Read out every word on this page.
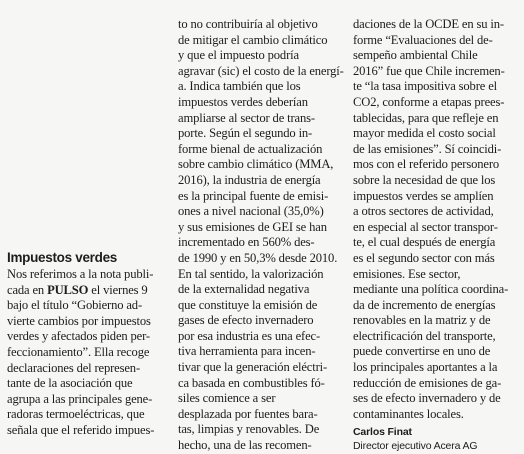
Impuestos verdes
Nos referimos a la nota publi-
cada en PULSO el viernes 9
bajo el título “Gobierno ad-
vierte cambios por impuestos
verdes y afectados piden per-
feccionamiento”. Ella recoge
declaraciones del represen-
tante de la asociación que
agrupa a las principales gene-
radoras termoeléctricas, que
señala que el referido impues-
to no contribuiría al objetivo
de mitigar el cambio climático
y que el impuesto podría
agravar (sic) el costo de la energí-
a. Indica también que los
impuestos verdes deberían
ampliarse al sector de trans-
porte. Según el segundo in-
forme bienal de actualización
sobre cambio climático (MMA,
2016), la industria de energía
es la principal fuente de emisi-
ones a nivel nacional (35,0%)
y sus emisiones de GEI se han
incrementado en 560% des-
de 1990 y en 50,3% desde 2010.
En tal sentido, la valorización
de la externalidad negativa
que constituye la emisión de
gases de efecto invernadero
por esa industria es una efec-
tiva herramienta para incen-
tivar que la generación eléctri-
ca basada en combustibles fó-
siles comience a ser
desplazada por fuentes bara-
tas, limpias y renovables. De
hecho, una de las recomen-
daciones de la OCDE en su in-
forme “Evaluaciones del de-
sempeño ambiental Chile
2016” fue que Chile incremen-
te “la tasa impositiva sobre el
CO2, conforme a etapas prees-
tablecidas, para que refleje en
mayor medida el costo social
de las emisiones”. Sí coincidi-
mos con el referido personero
sobre la necesidad de que los
impuestos verdes se amplíen
a otros sectores de actividad,
en especial al sector transpor-
te, el cual después de energía
es el segundo sector con más
emisiones. Ese sector,
mediante una política coordina-
da de incremento de energías
renovables en la matriz y de
electrificación del transporte,
puede convertirse en uno de
los principales aportantes a la
reducción de emisiones de ga-
ses de efecto invernadero y de
contaminantes locales.
Carlos Finat
Director ejecutivo Acera AG
